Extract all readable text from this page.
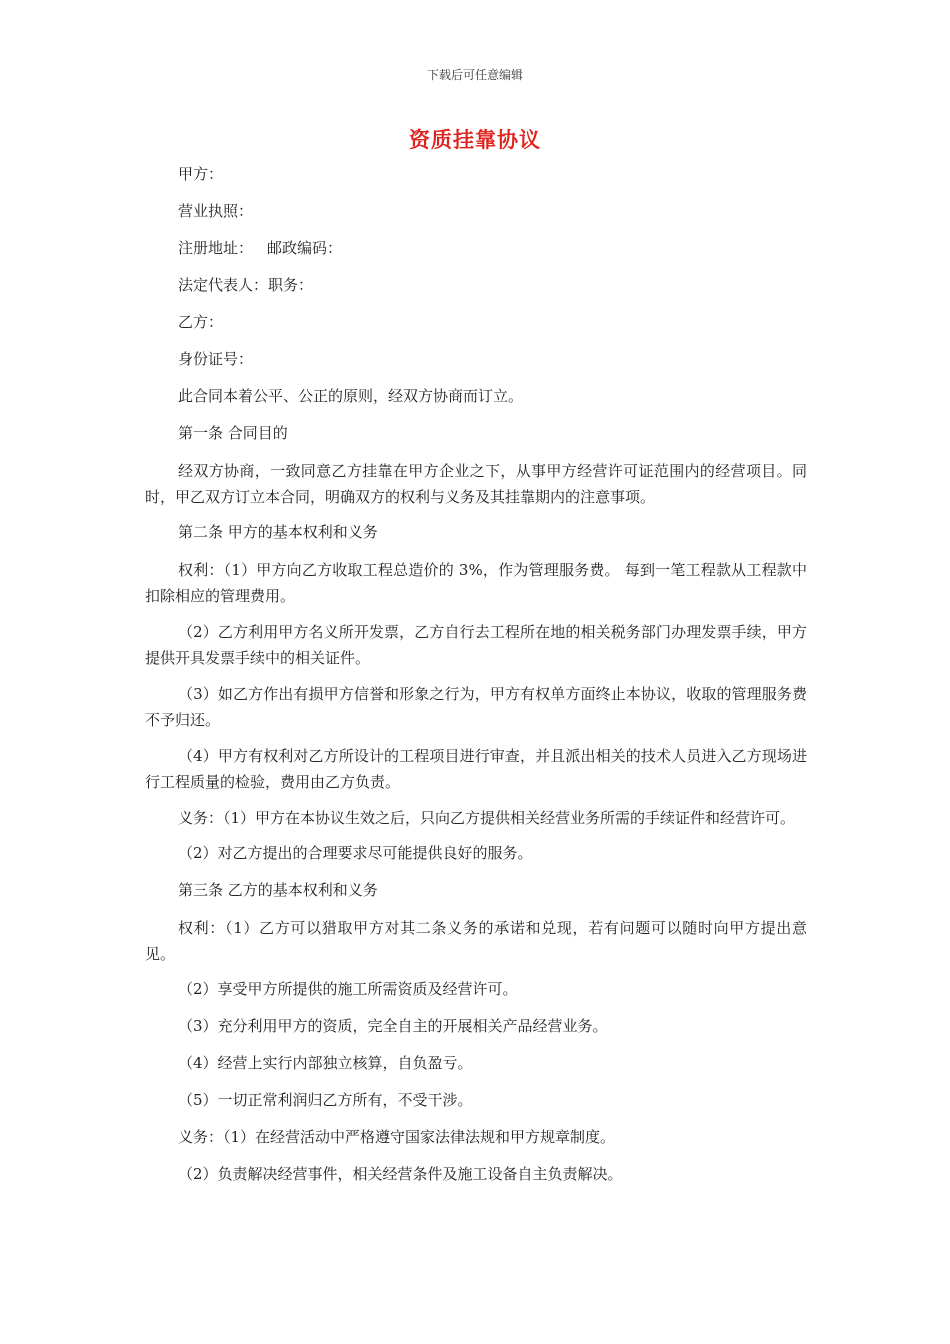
下载后可任意编辑
资质挂靠协议
甲方：
营业执照：
注册地址： 邮政编码：
法定代表人：职务：
乙方：
身份证号：
此合同本着公平、公正的原则，经双方协商而订立。
第一条 合同目的
经双方协商，一致同意乙方挂靠在甲方企业之下，从事甲方经营许可证范围内的经营项目。同时，甲乙双方订立本合同，明确双方的权利与义务及其挂靠期内的注意事项。
第二条 甲方的基本权利和义务
权利：（1）甲方向乙方收取工程总造价的 3%，作为管理服务费。 每到一笔工程款从工程款中扣除相应的管理费用。
（2）乙方利用甲方名义所开发票，乙方自行去工程所在地的相关税务部门办理发票手续，甲方提供开具发票手续中的相关证件。
（3）如乙方作出有损甲方信誉和形象之行为，甲方有权单方面终止本协议，收取的管理服务费不予归还。
（4）甲方有权利对乙方所设计的工程项目进行审查，并且派出相关的技术人员进入乙方现场进行工程质量的检验，费用由乙方负责。
义务：（1）甲方在本协议生效之后，只向乙方提供相关经营业务所需的手续证件和经营许可。
（2）对乙方提出的合理要求尽可能提供良好的服务。
第三条 乙方的基本权利和义务
权利：（1）乙方可以猎取甲方对其二条义务的承诺和兑现，若有问题可以随时向甲方提出意见。
（2）享受甲方所提供的施工所需资质及经营许可。
（3）充分利用甲方的资质，完全自主的开展相关产品经营业务。
（4）经营上实行内部独立核算，自负盈亏。
（5）一切正常利润归乙方所有，不受干涉。
义务：（1）在经营活动中严格遵守国家法律法规和甲方规章制度。
（2）负责解决经营事件，相关经营条件及施工设备自主负责解决。
